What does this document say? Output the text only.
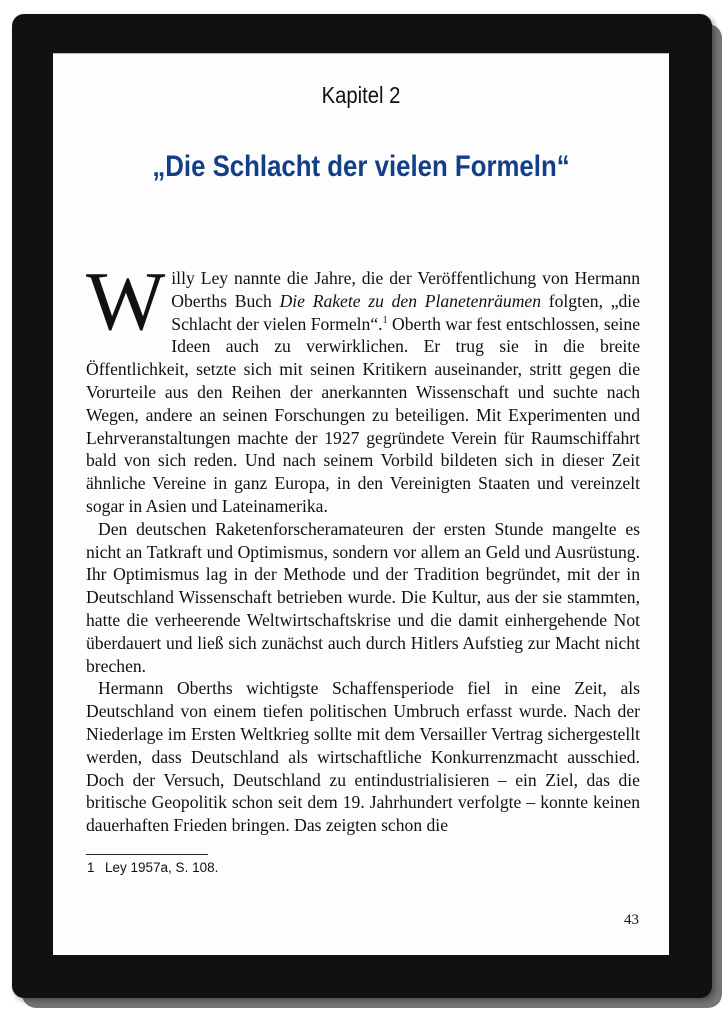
Kapitel 2
„Die Schlacht der vielen Formeln“

Willy Ley nannte die Jahre, die der Veröffentlichung von Hermann Oberths Buch Die Rakete zu den Planetenräumen folgten, „die Schlacht der vielen Formeln“.$^1$ Oberth war fest entschlossen, seine Ideen auch zu verwirklichen. Er trug sie in die breite Öffentlichkeit, setzte sich mit seinen Kritikern auseinander, stritt gegen die Vorurteile aus den Reihen der anerkannten Wissenschaft und suchte nach Wegen, andere an seinen Forschungen zu beteiligen. Mit Experimenten und Lehrveranstaltungen machte der 1927 gegründete Verein für Raumschiffahrt bald von sich reden. Und nach seinem Vorbild bildeten sich in dieser Zeit ähnliche Vereine in ganz Europa, in den Vereinigten Staaten und vereinzelt sogar in Asien und Lateinamerika.

Den deutschen Raketenforscheramateuren der ersten Stunde mangelte es nicht an Tatkraft und Optimismus, sondern vor allem an Geld und Ausrüstung. Ihr Optimismus lag in der Methode und der Tradition begründet, mit der in Deutschland Wissenschaft betrieben wurde. Die Kultur, aus der sie stammten, hatte die verheerende Weltwirtschaftskrise und die damit einhergehende Not überdauert und ließ sich zunächst auch durch Hitlers Aufstieg zur Macht nicht brechen.

Hermann Oberths wichtigste Schaffensperiode fiel in eine Zeit, als Deutschland von einem tiefen politischen Umbruch erfasst wurde. Nach der Niederlage im Ersten Weltkrieg sollte mit dem Versailler Vertrag sichergestellt werden, dass Deutschland als wirtschaftliche Konkurrenzmacht ausschied. Doch der Versuch, Deutschland zu entindustrialisieren – ein Ziel, das die britische Geopolitik schon seit dem 19. Jahrhundert verfolgte – konnte keinen dauerhaften Frieden bringen. Das zeigten schon die

1 Ley 1957a, S. 108.
43
